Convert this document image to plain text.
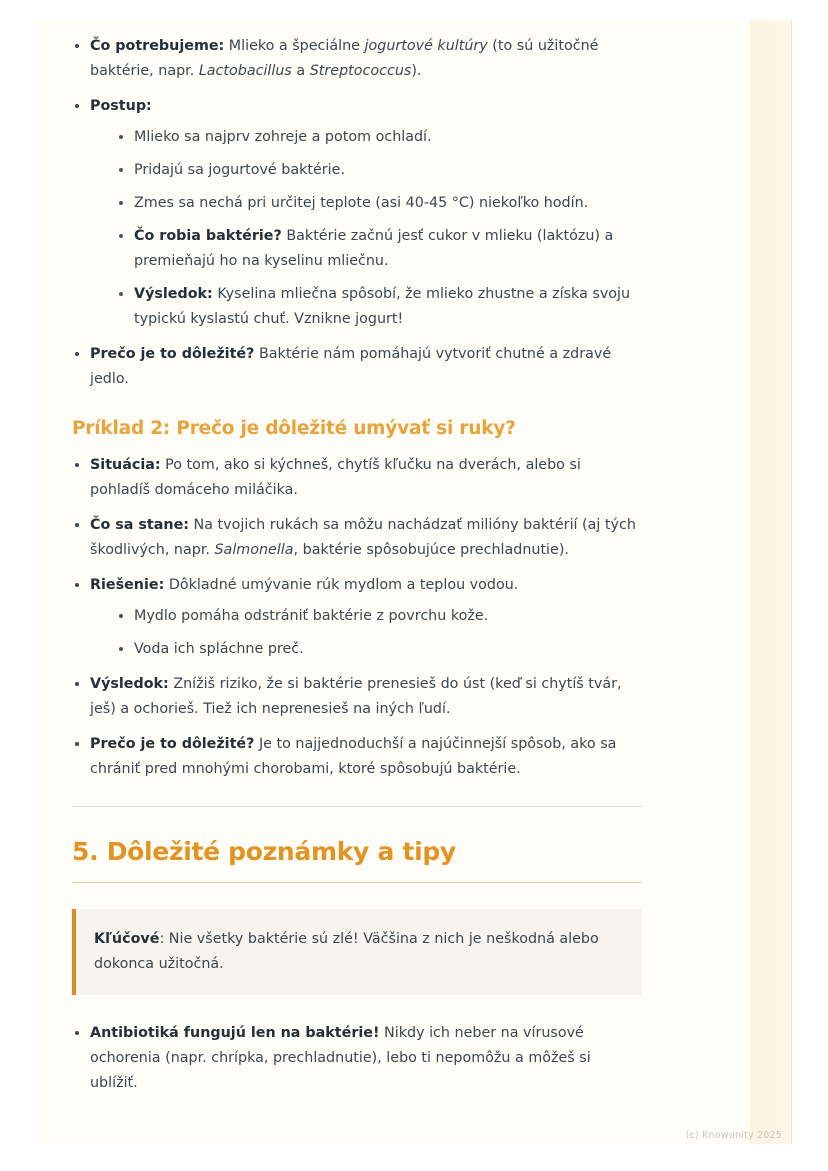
Čo potrebujeme: Mlieko a špeciálne jogurtové kultúry (to sú užitočné baktérie, napr. Lactobacillus a Streptococcus).
Postup:
Mlieko sa najprv zohreje a potom ochladí.
Pridajú sa jogurtové baktérie.
Zmes sa nechá pri určitej teplote (asi 40-45 °C) niekoľko hodín.
Čo robia baktérie? Baktérie začnú jesť cukor v mlieku (laktózu) a premieňajú ho na kyselinu mliečnu.
Výsledok: Kyselina mliečna spôsobí, že mlieko zhustne a získa svoju typickú kyslastú chuť. Vznikne jogurt!
Prečo je to dôležité? Baktérie nám pomáhajú vytvoriť chutné a zdravé jedlo.
Príklad 2: Prečo je dôležité umývať si ruky?
Situácia: Po tom, ako si kýchneš, chytíš kľučku na dverách, alebo si pohladíš domáceho miláčika.
Čo sa stane: Na tvojich rukách sa môžu nachádzať milióny baktérií (aj tých škodlivých, napr. Salmonella, baktérie spôsobujúce prechladnutie).
Riešenie: Dôkladné umývanie rúk mydlom a teplou vodou.
Mydlo pomáha odstrániť baktérie z povrchu kože.
Voda ich spláchne preč.
Výsledok: Znížiš riziko, že si baktérie prenesieš do úst (keď si chytíš tvár, ješ) a ochorieš. Tiež ich neprenesieš na iných ľudí.
Prečo je to dôležité? Je to najjednoduchší a najúčinnejší spôsob, ako sa chrániť pred mnohými chorobami, ktoré spôsobujú baktérie.
5. Dôležité poznámky a tipy
Kľúčové: Nie všetky baktérie sú zlé! Väčšina z nich je neškodná alebo dokonca užitočná.
Antibiotiká fungujú len na baktérie! Nikdy ich neber na vírusové ochorenia (napr. chrípka, prechladnutie), lebo ti nepomôžu a môžeš si ublížiť.
(c) Knowunity 2025
